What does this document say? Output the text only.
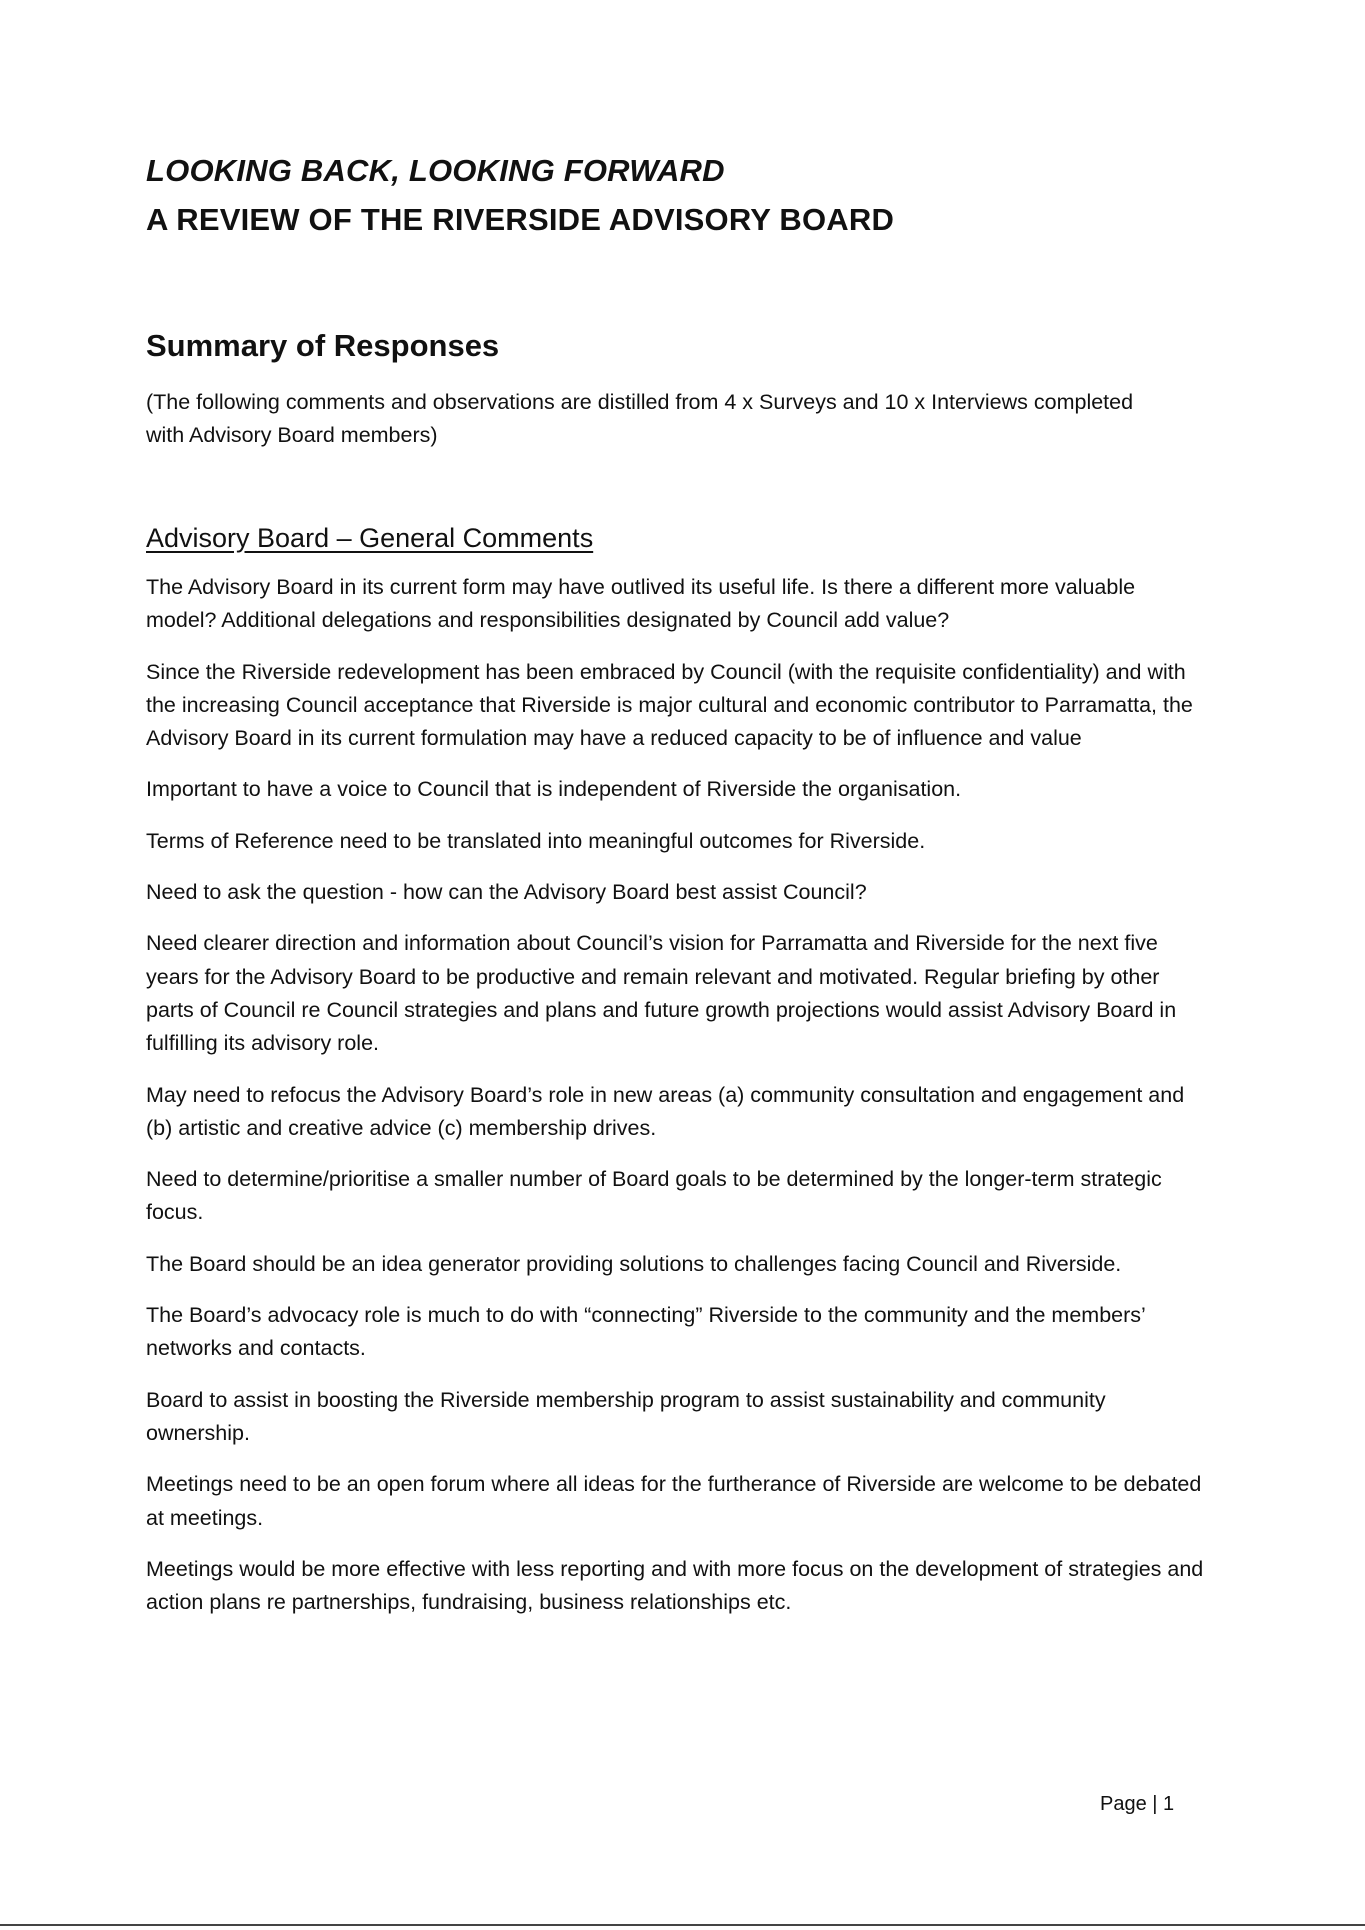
LOOKING BACK, LOOKING FORWARD
A REVIEW OF THE RIVERSIDE ADVISORY BOARD
Summary of Responses

(The following comments and observations are distilled from 4 x Surveys and 10 x Interviews completed with Advisory Board members)

Advisory Board – General Comments
The Advisory Board in its current form may have outlived its useful life. Is there a different more valuable model? Additional delegations and responsibilities designated by Council add value?
Since the Riverside redevelopment has been embraced by Council (with the requisite confidentiality) and with the increasing Council acceptance that Riverside is major cultural and economic contributor to Parramatta, the Advisory Board in its current formulation may have a reduced capacity to be of influence and value
Important to have a voice to Council that is independent of Riverside the organisation.
Terms of Reference need to be translated into meaningful outcomes for Riverside.
Need to ask the question - how can the Advisory Board best assist Council?
Need clearer direction and information about Council’s vision for Parramatta and Riverside for the next five years for the Advisory Board to be productive and remain relevant and motivated. Regular briefing by other parts of Council re Council strategies and plans and future growth projections would assist Advisory Board in fulfilling its advisory role.
May need to refocus the Advisory Board’s role in new areas (a) community consultation and engagement and (b) artistic and creative advice (c) membership drives.
Need to determine/prioritise a smaller number of Board goals to be determined by the longer-term strategic focus.
The Board should be an idea generator providing solutions to challenges facing Council and Riverside.
The Board’s advocacy role is much to do with “connecting” Riverside to the community and the members’ networks and contacts.
Board to assist in boosting the Riverside membership program to assist sustainability and community ownership.
Meetings need to be an open forum where all ideas for the furtherance of Riverside are welcome to be debated at meetings.
Meetings would be more effective with less reporting and with more focus on the development of strategies and action plans re partnerships, fundraising, business relationships etc.
Page | 1
